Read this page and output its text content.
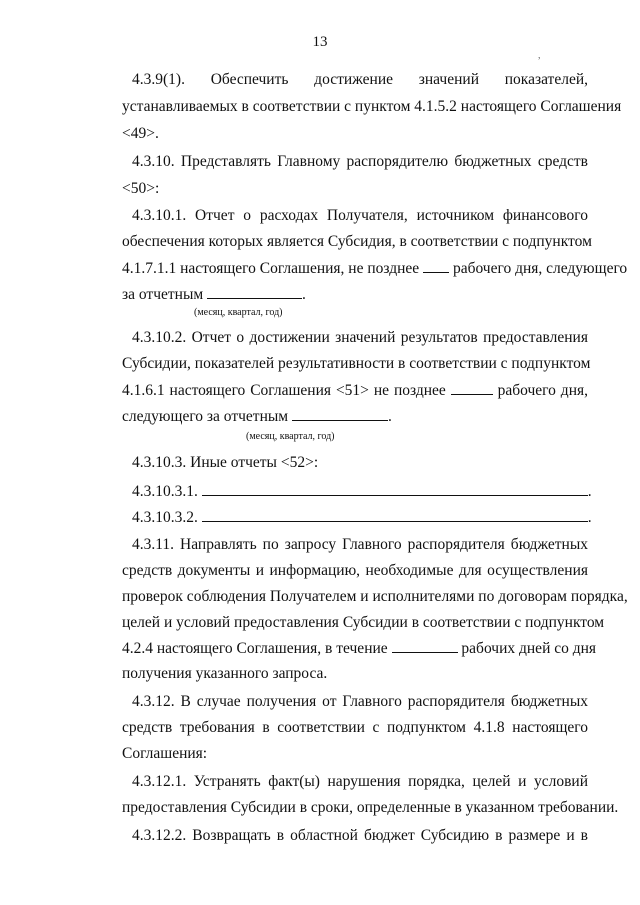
13
,
4.3.9(1). Обеспечить достижение значений показателей,
устанавливаемых в соответствии с пунктом 4.1.5.2 настоящего Соглашения
<49>.
4.3.10. Представлять Главному распорядителю бюджетных средств
<50>:
4.3.10.1. Отчет о расходах Получателя, источником финансового
обеспечения которых является Субсидия, в соответствии с подпунктом
4.1.7.1.1 настоящего Соглашения, не позднее рабочего дня, следующего
за отчетным	.
(месяц, квартал, год)
4.3.10.2. Отчет о достижении значений результатов предоставления
Субсидии, показателей результативности в соответствии с подпунктом
4.1.6.1 настоящего Соглашения <51> не позднее	рабочего дня,
следующего за отчетным	.
(месяц, квартал, год)
4.3.10.3. Иные отчеты <52>:
4.3.10.3.1.	.
4.3.10.3.2.	.
4.3.11. Направлять по запросу Главного распорядителя бюджетных
средств документы и информацию, необходимые для осуществления
проверок соблюдения Получателем и исполнителями по договорам порядка,
целей и условий предоставления Субсидии в соответствии с подпунктом
4.2.4 настоящего Соглашения, в течение	рабочих дней со дня
получения указанного запроса.
4.3.12. В случае получения от Главного распорядителя бюджетных
средств требования в соответствии с подпунктом 4.1.8 настоящего
Соглашения:
4.3.12.1. Устранять факт(ы) нарушения порядка, целей и условий
предоставления Субсидии в сроки, определенные в указанном требовании.
4.3.12.2. Возвращать в областной бюджет Субсидию в размере и в
